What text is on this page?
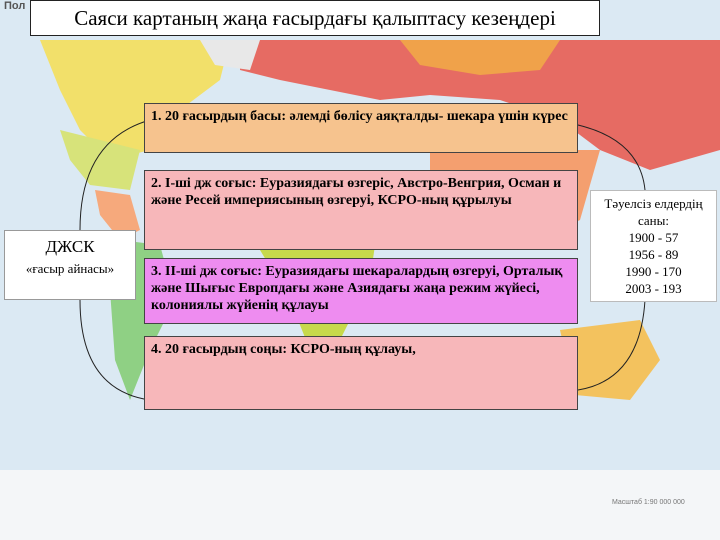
Пол	Саяси картаның жаңа ғасырдағы қалыптасу кезеңдері
1. 20 ғасырдың басы: әлемді бөлісу аяқталды- шекара үшін күрес
2. І-ші дж соғыс: Еуразиядағы өзгеріс, Австро-Венгрия, Осман и және Ресей империясының өзгеруі, КСРО-ның құрылуы
3. ІІ-ші дж соғыс: Еуразиядағы шекаралардың өзгеруі, Орталық және Шығыс Европдағы және Азиядағы жаңа режим жүйесі, колониялы жүйенің құлауы
4. 20 ғасырдың соңы: КСРО-ның құлауы,
ДЖСК
«ғасыр айнасы»
Тәуелсіз елдердің саны:
1900 - 57
1956 - 89
1990 - 170
2003 - 193
Масштаб 1:90 000 000
